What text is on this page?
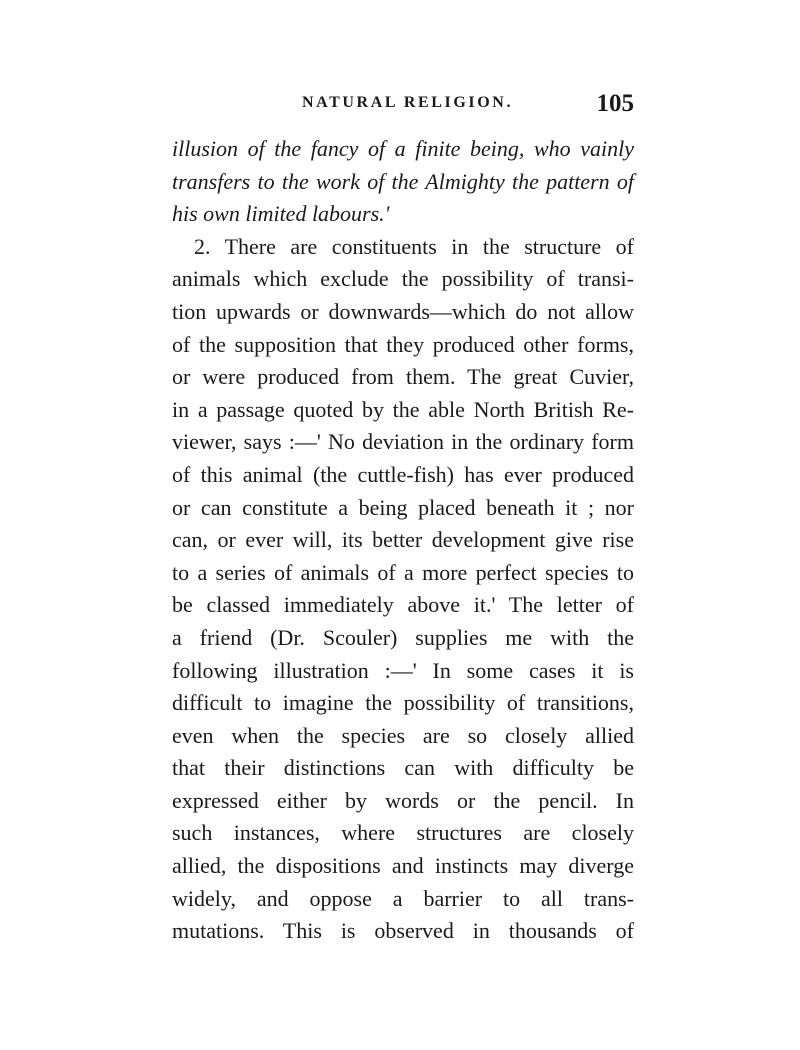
NATURAL RELIGION.	105
illusion of the fancy of a finite being, who vainly
transfers to the work of the Almighty the pattern of
his own limited labours.'
2. There are constituents in the structure of
animals which exclude the possibility of transi-
tion upwards or downwards—which do not allow
of the supposition that they produced other forms,
or were produced from them. The great Cuvier,
in a passage quoted by the able North British Re-
viewer, says :—' No deviation in the ordinary form
of this animal (the cuttle-fish) has ever produced
or can constitute a being placed beneath it ; nor
can, or ever will, its better development give rise
to a series of animals of a more perfect species to
be classed immediately above it.' The letter of
a friend (Dr. Scouler) supplies me with the
following illustration :—' In some cases it is
difficult to imagine the possibility of transitions,
even when the species are so closely allied
that their distinctions can with difficulty be
expressed either by words or the pencil. In
such instances, where structures are closely
allied, the dispositions and instincts may diverge
widely, and oppose a barrier to all trans-
mutations. This is observed in thousands of
